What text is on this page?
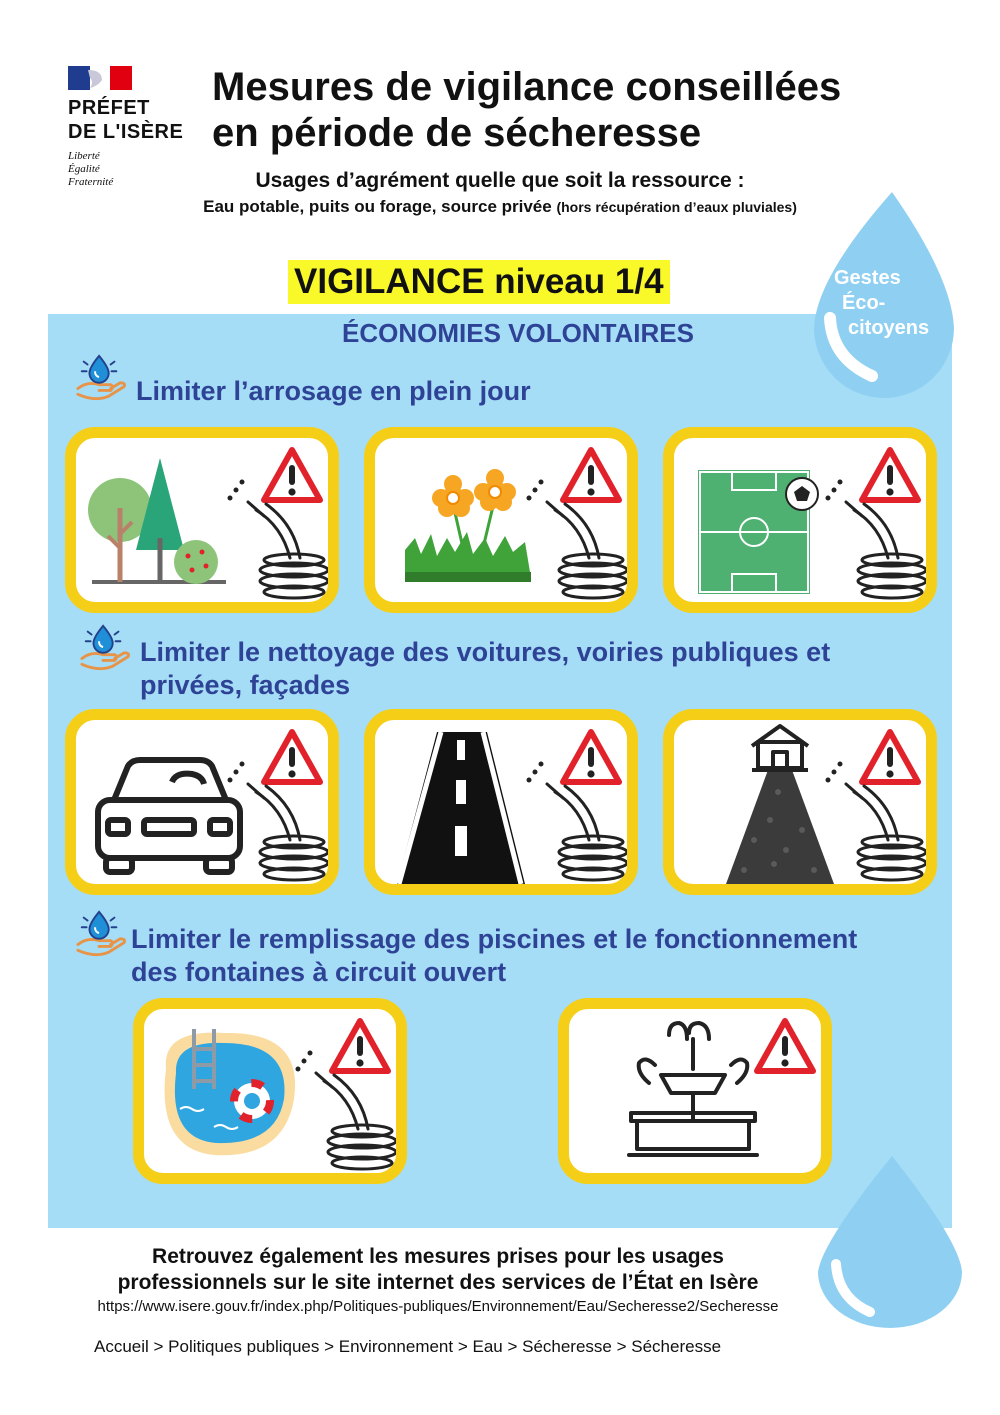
PRÉFET
DE L'ISÈRE
Liberté
Égalité
Fraternité
Mesures de vigilance conseillées
en période de sécheresse
Usages d’agrément quelle que soit la ressource :
Eau potable, puits ou forage, source privée (hors récupération d’eaux pluviales)
Gestes
Éco-
citoyens
VIGILANCE niveau 1/4
ÉCONOMIES VOLONTAIRES
Limiter l’arrosage en plein jour
Limiter le nettoyage des voitures, voiries publiques et
privées, façades
Limiter le remplissage des piscines et le fonctionnement
des fontaines à circuit ouvert
Retrouvez également les mesures prises pour les usages
professionnels sur le site internet des services de l’État en Isère
https://www.isere.gouv.fr/index.php/Politiques-publiques/Environnement/Eau/Secheresse2/Secheresse
Accueil > Politiques publiques > Environnement > Eau > Sécheresse > Sécheresse
